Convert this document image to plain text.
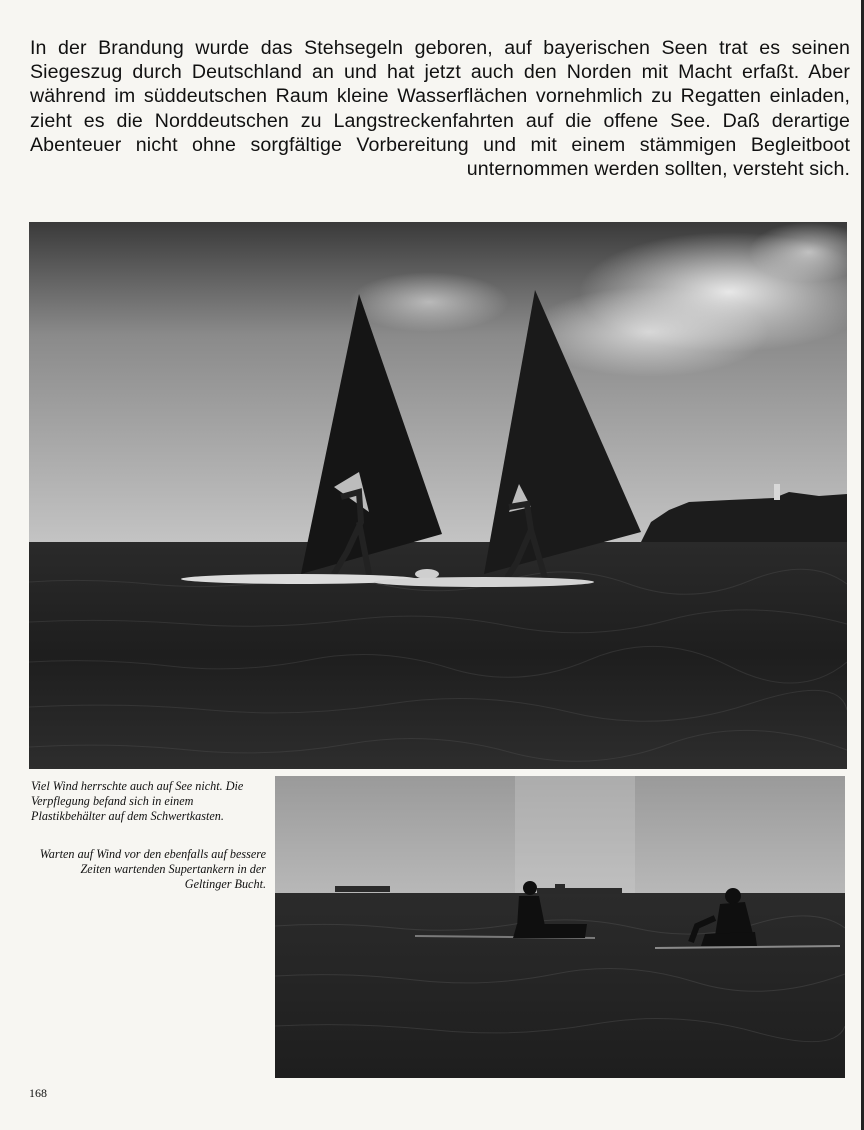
In der Brandung wurde das Stehsegeln geboren, auf bayerischen Seen trat es seinen Siegeszug durch Deutschland an und hat jetzt auch den Norden mit Macht erfaßt. Aber während im süddeutschen Raum kleine Wasserflächen vornehmlich zu Regatten einladen, zieht es die Norddeutschen zu Langstreckenfahrten auf die offene See. Daß derartige Abenteuer nicht ohne sorgfältige Vorbereitung und mit einem stämmigen Begleitboot unternommen werden sollten, versteht sich.

Viel Wind herrschte auch auf See nicht. Die Verpflegung befand sich in einem Plastikbehälter auf dem Schwertkasten.

Warten auf Wind vor den ebenfalls auf bessere Zeiten wartenden Supertankern in der Geltinger Bucht.

168
